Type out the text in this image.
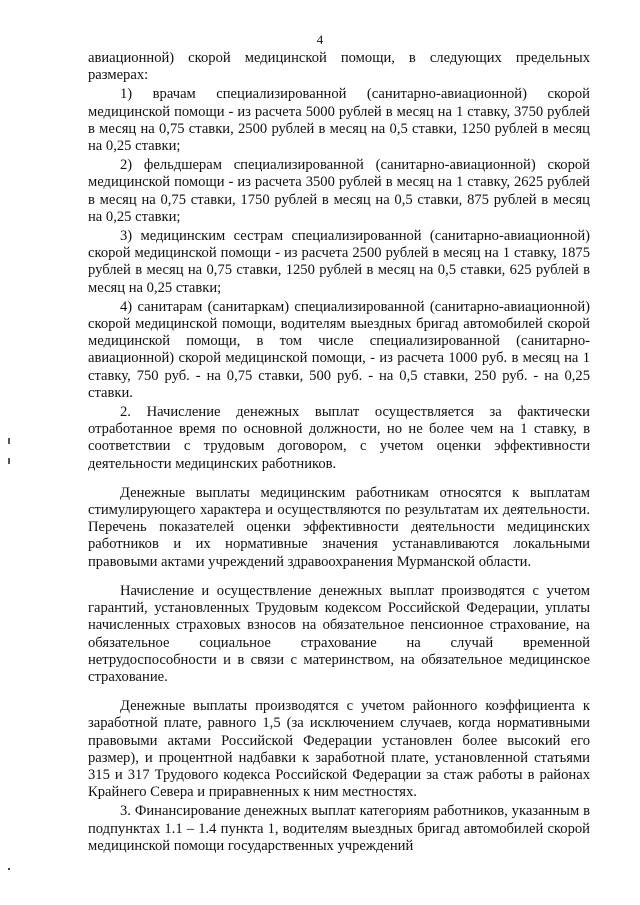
4

авиационной) скорой медицинской помощи, в следующих предельных размерах:

1) врачам специализированной (санитарно-авиационной) скорой медицинской помощи - из расчета 5000 рублей в месяц на 1 ставку, 3750 рублей в месяц на 0,75 ставки, 2500 рублей в месяц на 0,5 ставки, 1250 рублей в месяц на 0,25 ставки;

2) фельдшерам специализированной (санитарно-авиационной) скорой медицинской помощи - из расчета 3500 рублей в месяц на 1 ставку, 2625 рублей в месяц на 0,75 ставки, 1750 рублей в месяц на 0,5 ставки, 875 рублей в месяц на 0,25 ставки;

3) медицинским сестрам специализированной (санитарно-авиационной) скорой медицинской помощи - из расчета 2500 рублей в месяц на 1 ставку, 1875 рублей в месяц на 0,75 ставки, 1250 рублей в месяц на 0,5 ставки, 625 рублей в месяц на 0,25 ставки;

4) санитарам (санитаркам) специализированной (санитарно-авиационной) скорой медицинской помощи, водителям выездных бригад автомобилей скорой медицинской помощи, в том числе специализированной (санитарно-авиационной) скорой медицинской помощи, - из расчета 1000 руб. в месяц на 1 ставку, 750 руб. - на 0,75 ставки, 500 руб. - на 0,5 ставки, 250 руб. - на 0,25 ставки.

2. Начисление денежных выплат осуществляется за фактически отработанное время по основной должности, но не более чем на 1 ставку, в соответствии с трудовым договором, с учетом оценки эффективности деятельности медицинских работников.

Денежные выплаты медицинским работникам относятся к выплатам стимулирующего характера и осуществляются по результатам их деятельности. Перечень показателей оценки эффективности деятельности медицинских работников и их нормативные значения устанавливаются локальными правовыми актами учреждений здравоохранения Мурманской области.

Начисление и осуществление денежных выплат производятся с учетом гарантий, установленных Трудовым кодексом Российской Федерации, уплаты начисленных страховых взносов на обязательное пенсионное страхование, на обязательное социальное страхование на случай временной нетрудоспособности и в связи с материнством, на обязательное медицинское страхование.

Денежные выплаты производятся с учетом районного коэффициента к заработной плате, равного 1,5 (за исключением случаев, когда нормативными правовыми актами Российской Федерации установлен более высокий его размер), и процентной надбавки к заработной плате, установленной статьями 315 и 317 Трудового кодекса Российской Федерации за стаж работы в районах Крайнего Севера и приравненных к ним местностях.

3. Финансирование денежных выплат категориям работников, указанным в подпунктах 1.1 – 1.4 пункта 1, водителям выездных бригад автомобилей скорой медицинской помощи государственных учреждений
